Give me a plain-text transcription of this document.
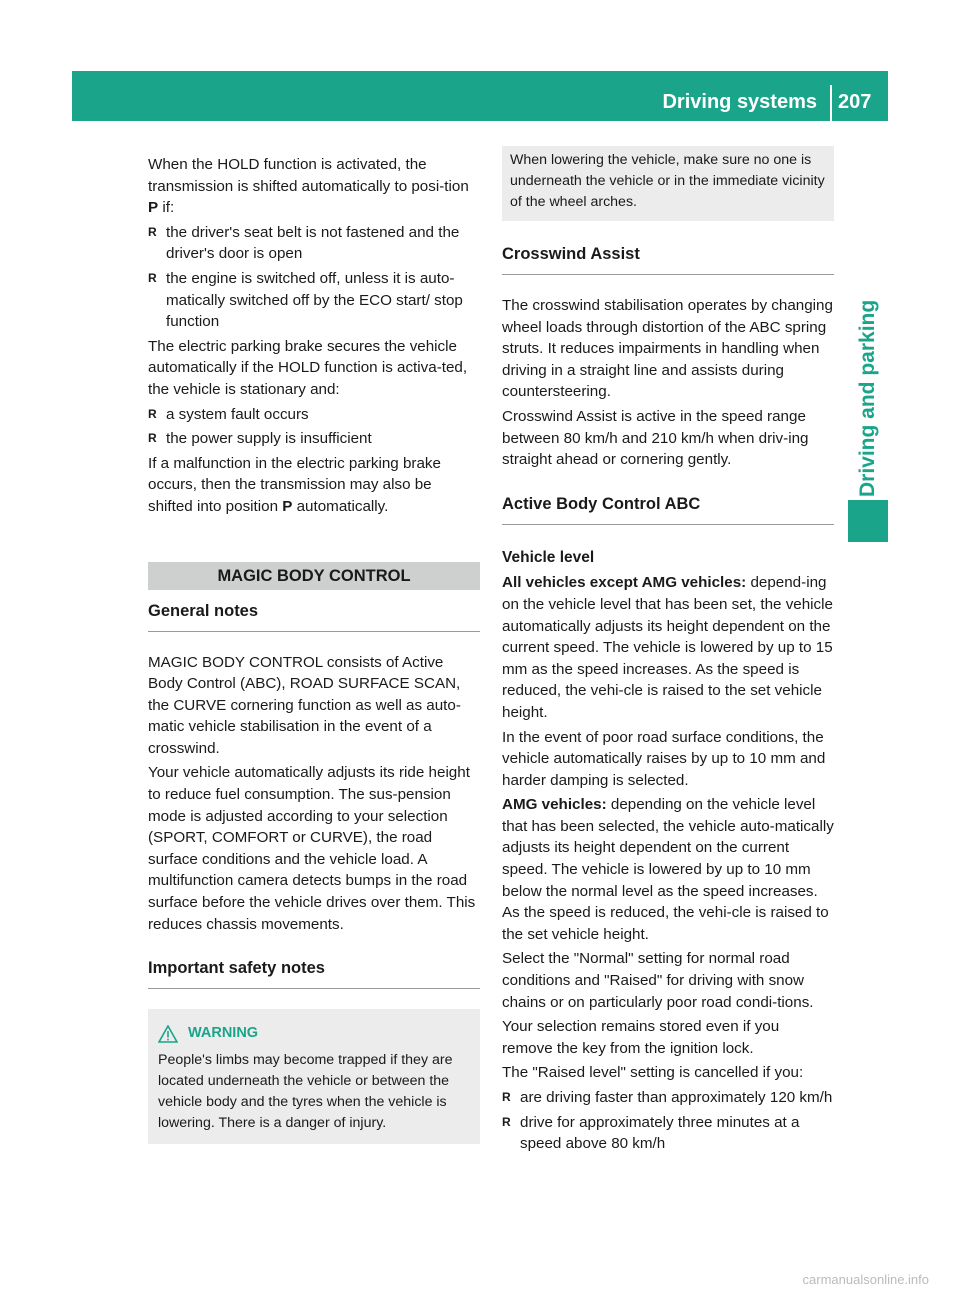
Driving systems 207
Driving and parking

When the HOLD function is activated, the transmission is shifted automatically to posi-tion P if:

R the driver's seat belt is not fastened and the driver's door is open
R the engine is switched off, unless it is auto-matically switched off by the ECO start/ stop function

The electric parking brake secures the vehicle automatically if the HOLD function is activa-ted, the vehicle is stationary and:

R a system fault occurs
R the power supply is insufficient

If a malfunction in the electric parking brake occurs, then the transmission may also be shifted into position P automatically.

MAGIC BODY CONTROL
General notes

MAGIC BODY CONTROL consists of Active Body Control (ABC), ROAD SURFACE SCAN, the CURVE cornering function as well as auto-matic vehicle stabilisation in the event of a crosswind.

Your vehicle automatically adjusts its ride height to reduce fuel consumption. The sus-pension mode is adjusted according to your selection (SPORT, COMFORT or CURVE), the road surface conditions and the vehicle load. A multifunction camera detects bumps in the road surface before the vehicle drives over them. This reduces chassis movements.

Important safety notes
WARNING

People's limbs may become trapped if they are located underneath the vehicle or between the vehicle body and the tyres when the vehicle is lowering. There is a danger of injury.

When lowering the vehicle, make sure no one is underneath the vehicle or in the immediate vicinity of the wheel arches.

Crosswind Assist

The crosswind stabilisation operates by changing wheel loads through distortion of the ABC spring struts. It reduces impairments in handling when driving in a straight line and assists during countersteering.

Crosswind Assist is active in the speed range between 80 km/h and 210 km/h when driv-ing straight ahead or cornering gently.

Active Body Control ABC
Vehicle level

All vehicles except AMG vehicles: depend-ing on the vehicle level that has been set, the vehicle automatically adjusts its height dependent on the current speed. The vehicle is lowered by up to 15 mm as the speed increases. As the speed is reduced, the vehi-cle is raised to the set vehicle height.

In the event of poor road surface conditions, the vehicle automatically raises by up to 10 mm and harder damping is selected.

AMG vehicles: depending on the vehicle level that has been selected, the vehicle auto-matically adjusts its height dependent on the current speed. The vehicle is lowered by up to 10 mm below the normal level as the speed increases. As the speed is reduced, the vehi-cle is raised to the set vehicle height.

Select the "Normal" setting for normal road conditions and "Raised" for driving with snow chains or on particularly poor road condi-tions.

Your selection remains stored even if you remove the key from the ignition lock.

The "Raised level" setting is cancelled if you:

R are driving faster than approximately 120 km/h
R drive for approximately three minutes at a speed above 80 km/h
carmanualsonline.info
